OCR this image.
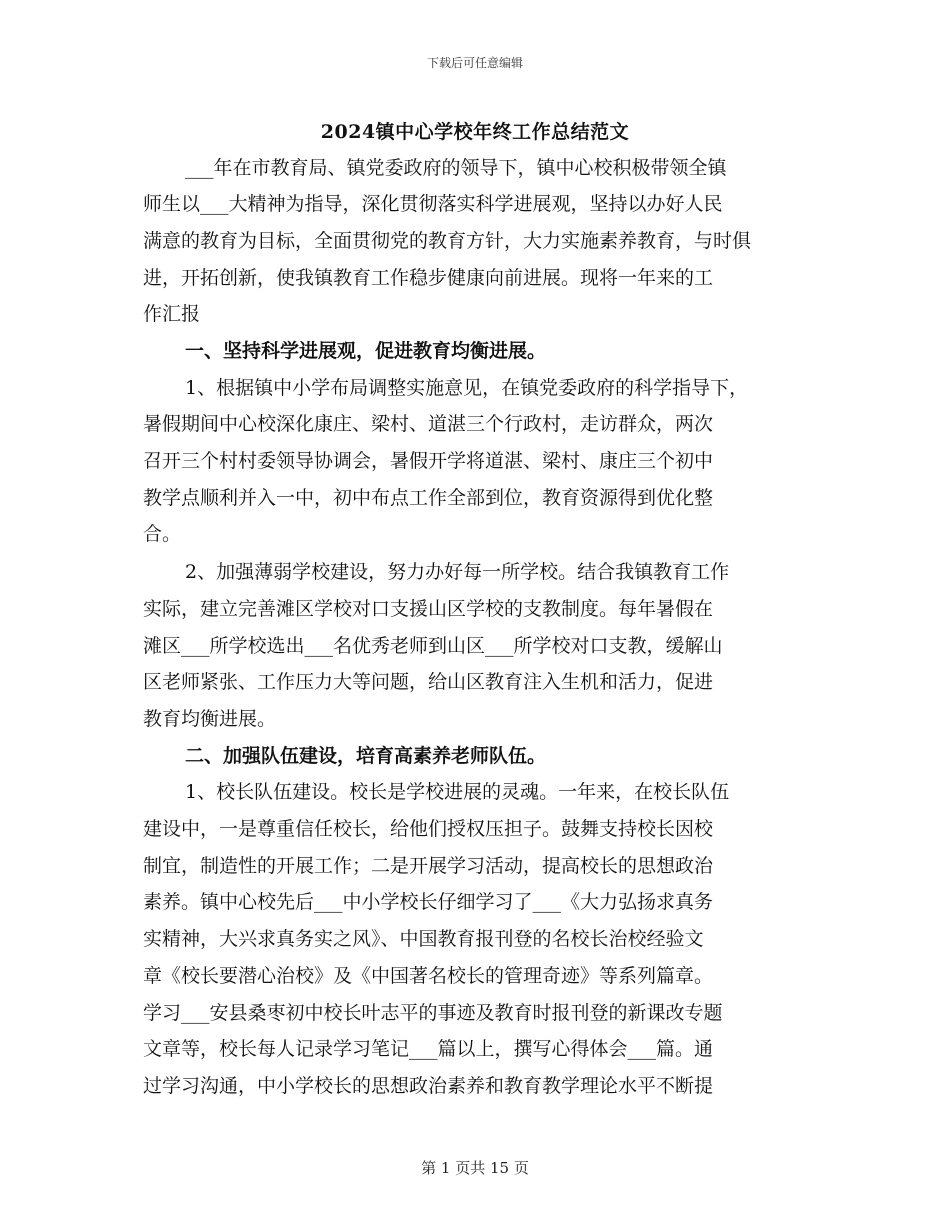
下载后可任意编辑
2024镇中心学校年终工作总结范文
___年在市教育局、镇党委政府的领导下，镇中心校积极带领全镇
师生以___大精神为指导，深化贯彻落实科学进展观，坚持以办好人民
满意的教育为目标，全面贯彻党的教育方针，大力实施素养教育，与时俱
进，开拓创新，使我镇教育工作稳步健康向前进展。现将一年来的工
作汇报
一、坚持科学进展观，促进教育均衡进展。
1、根据镇中小学布局调整实施意见，在镇党委政府的科学指导下，
暑假期间中心校深化康庄、梁村、道湛三个行政村，走访群众，两次
召开三个村村委领导协调会，暑假开学将道湛、梁村、康庄三个初中
教学点顺利并入一中，初中布点工作全部到位，教育资源得到优化整
合。
2、加强薄弱学校建设，努力办好每一所学校。结合我镇教育工作
实际，建立完善滩区学校对口支援山区学校的支教制度。每年暑假在
滩区___所学校选出___名优秀老师到山区___所学校对口支教，缓解山
区老师紧张、工作压力大等问题，给山区教育注入生机和活力，促进
教育均衡进展。
二、加强队伍建设，培育高素养老师队伍。
1、校长队伍建设。校长是学校进展的灵魂。一年来，在校长队伍
建设中，一是尊重信任校长，给他们授权压担子。鼓舞支持校长因校
制宜，制造性的开展工作；二是开展学习活动，提高校长的思想政治
素养。镇中心校先后___中小学校长仔细学习了___《大力弘扬求真务
实精神，大兴求真务实之风》、中国教育报刊登的名校长治校经验文
章《校长要潜心治校》及《中国著名校长的管理奇迹》等系列篇章。
学习___安县桑枣初中校长叶志平的事迹及教育时报刊登的新课改专题
文章等，校长每人记录学习笔记___篇以上，撰写心得体会___篇。通
过学习沟通，中小学校长的思想政治素养和教育教学理论水平不断提
第 1 页共 15 页
